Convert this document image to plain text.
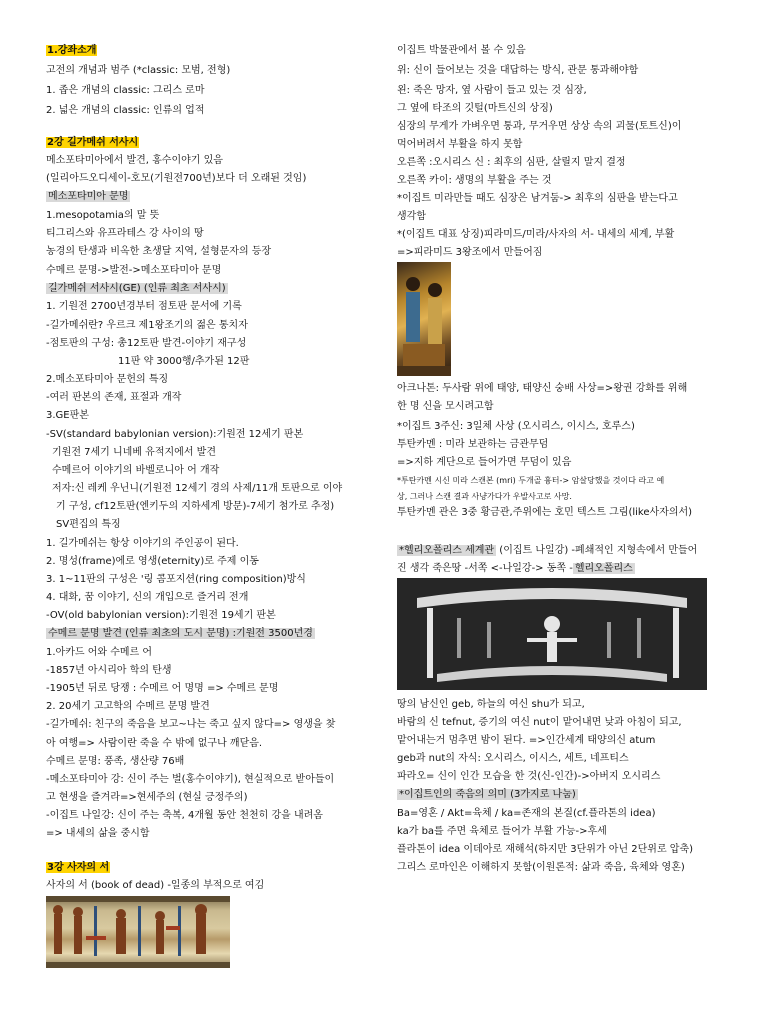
1.강좌소개
고전의 개념과 범주 (*classic: 모범, 전형)
1. 좁은 개념의 classic: 그리스 로마
2. 넓은 개념의 classic: 인류의 업적
2강 길가메쉬 서사시
메소포타미아에서 발견, 홍수이야기 있음
(일리아드오디세이-호모(기원전700년)보다 더 오래된 것임)
메소포타미아 문명
1.mesopotamia의 말 뜻
티그리스와 유프라테스 강 사이의 땅
농경의 탄생과 비옥한 초생달 지역, 설형문자의 등장
수메르 문명->발전->메소포타미아 문명
길가메쉬 서사시(GE) (인류 최초 서사시)
1. 기원전 2700년경부터 점토판 문서에 기록
-길가메쉬란? 우르크 제1왕조기의 젊은 통치자
-점토판의 구성: 총12토판 발견-이야기 재구성
11판 약 3000행/추가된 12판
2.메소포타미아 문헌의 특징
-여러 판본의 존재, 표절과 개작
3.GE판본
-SV(standard babylonian version):기원전 12세기 판본
기원전 7세기 니네베 유적지에서 발견
수메르어 이야기의 바벨로니아 어 개작
저자:신 레케 우닌니(기원전 12세기 경의 사제/11개 토판으로 이야
기 구성, cf12토판(엔키두의 지하세계 방문)-7세기 첨가로 추정)
SV편집의 특징
1. 길가메쉬는 항상 이야기의 주인공이 된다.
2. 명성(frame)에로 영생(eternity)로 주제 이동
3. 1~11판의 구성은 '링 콤포지션(ring composition)방식
4. 대화, 꿈 이야기, 신의 개입으로 즐거리 전개
-OV(old babylonian version):기원전 19세기 판본
수메르 문명 발견 (인류 최초의 도시 문명) :기원전 3500년경
1.아카드 어와 수메르 어
-1857년 아시리아 학의 탄생
-1905년 뒤로 당쟁 : 수메르 어 명명 => 수메르 문명
2. 20세기 고고학의 수메르 문명 발견
-길가메쉬: 친구의 죽음을 보고~나는 죽고 싶지 않다=> 영생을 찾
아 여행=> 사람이란 죽을 수 밖에 없구나 깨닫음.
수메르 문명: 풍족, 생산량 76배
-메소포타미아 강: 신이 주는 벌(홍수이야기), 현실적으로 받아들이
고 현생을 즐겨라=>현세주의 (현실 긍정주의)
-이집트 나일강: 신이 주는 축복, 4개월 동안 천천히 강을 내려옴
=> 내세의 삶을 중시함
3강 사자의 서
사자의 서 (book of dead) -일종의 부적으로 여김
이집트 박물관에서 볼 수 있음
위: 신이 들어보는 것을 대답하는 방식, 관문 통과해야함
왼: 죽은 망자, 옆 사람이 들고 있는 것 심장,
그 옆에 타조의 깃털(마트신의 상징)
심장의 무게가 가벼우면 통과, 무거우면 상상 속의 괴물(토트신)이
먹어버려서 부활을 하지 못함
오른쪽 :오시리스 신 : 최후의 심판, 살릴지 말지 결정
오른쪽 카이: 생명의 부활을 주는 것
*이집트 미라만들 때도 심장은 남겨둠-> 최후의 심판을 받는다고
생각함
*(이집트 대표 상징)피라미드/미라/사자의 서- 내세의 세계, 부활
=>피라미드 3왕조에서 만들어짐
아크나톤: 두사람 위에 태양, 태양신 숭배 사상=>왕권 강화를 위해
한 명 신을 모시려고함
*이집트 3주신: 3일체 사상 (오시리스, 이시스, 호루스)
투탄카멘 : 미라 보관하는 금관무덤
=>지하 계단으로 들어가면 무덤이 있음
*투탄카멘 시신 미라 스캔본 (mri) 두개골 흉터-> 암살당했을 것이다 라고 예
상, 그러나 스캔 결과 사냥가다가 우발사고로 사망.
투탄카멘 관은 3중 황금관,주위에는 호민 텍스트 그림(like사자의서)
*헬리오폴리스 세계관 (이집트 나일강) -폐쇄적인 지형속에서 만들어
진 생각 죽은땅 -서쪽 <-나일강-> 동쪽 - 헬리오폴리스
땅의 남신인 geb, 하늘의 여신 shu가 되고,
바람의 신 tefnut, 증기의 여신 nut이 맡어내면 낮과 아침이 되고,
맡어내는거 멈추면 밤이 된다. =>인간세계 태양의신 atum
geb과 nut의 자식: 오시리스, 이시스, 세트, 네프티스
파라오= 신이 인간 모습을 한 것(신-인간)->아버지 오시리스
*이집트인의 죽음의 의미 (3가지로 나눔)
Ba=영혼 / Akt=육체 / ka=존재의 본질(cf.플라톤의 idea)
ka가 ba를 주면 육체로 들어가 부활 가능->후세
플라톤이 idea 이데아로 재해석(하지만 3단위가 아닌 2단위로 압축)
그리스 로마인은 이해하지 못함(이원론적: 삶과 죽음, 육체와 영혼)
